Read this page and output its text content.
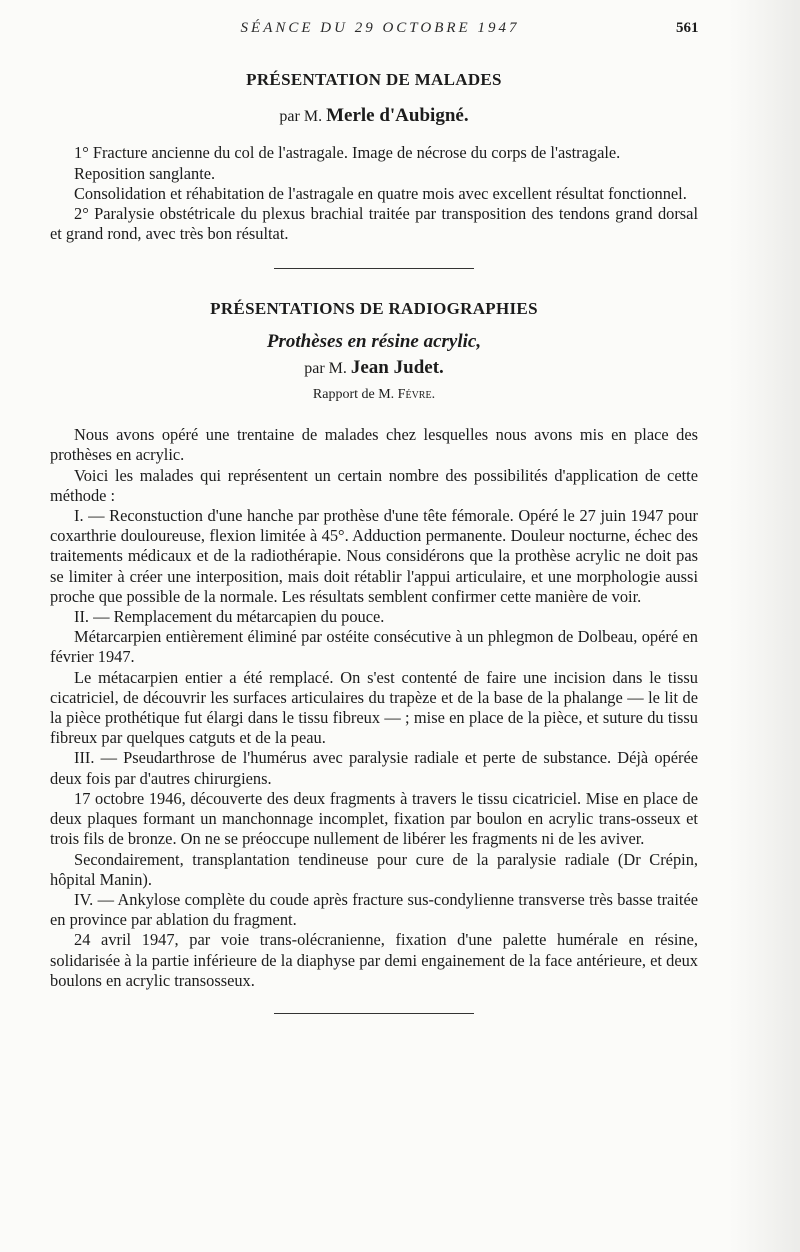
SÉANCE DU 29 OCTOBRE 1947	561
PRÉSENTATION DE MALADES
par M. Merle d'Aubigné.

1° Fracture ancienne du col de l'astragale. Image de nécrose du corps de l'astragale.

Reposition sanglante.

Consolidation et réhabitation de l'astragale en quatre mois avec excellent résultat fonctionnel.

2° Paralysie obstétricale du plexus brachial traitée par transposition des tendons grand dorsal et grand rond, avec très bon résultat.

PRÉSENTATIONS DE RADIOGRAPHIES
Prothèses en résine acrylic,
par M. Jean Judet.
Rapport de M. Févre.

Nous avons opéré une trentaine de malades chez lesquelles nous avons mis en place des prothèses en acrylic.

Voici les malades qui représentent un certain nombre des possibilités d'application de cette méthode :

I. — Reconstuction d'une hanche par prothèse d'une tête fémorale. Opéré le 27 juin 1947 pour coxarthrie douloureuse, flexion limitée à 45°. Adduction permanente. Douleur nocturne, échec des traitements médicaux et de la radiothérapie. Nous considérons que la prothèse acrylic ne doit pas se limiter à créer une interposition, mais doit rétablir l'appui articulaire, et une morphologie aussi proche que possible de la normale. Les résultats semblent confirmer cette manière de voir.

II. — Remplacement du métarcapien du pouce.

Métarcarpien entièrement éliminé par ostéite consécutive à un phlegmon de Dolbeau, opéré en février 1947.

Le métacarpien entier a été remplacé. On s'est contenté de faire une incision dans le tissu cicatriciel, de découvrir les surfaces articulaires du trapèze et de la base de la phalange — le lit de la pièce prothétique fut élargi dans le tissu fibreux — ; mise en place de la pièce, et suture du tissu fibreux par quelques catguts et de la peau.

III. — Pseudarthrose de l'humérus avec paralysie radiale et perte de substance. Déjà opérée deux fois par d'autres chirurgiens.

17 octobre 1946, découverte des deux fragments à travers le tissu cicatriciel. Mise en place de deux plaques formant un manchonnage incomplet, fixation par boulon en acrylic trans-osseux et trois fils de bronze. On ne se préoccupe nullement de libérer les fragments ni de les aviver.

Secondairement, transplantation tendineuse pour cure de la paralysie radiale (Dr Crépin, hôpital Manin).

IV. — Ankylose complète du coude après fracture sus-condylienne transverse très basse traitée en province par ablation du fragment.

24 avril 1947, par voie trans-olécranienne, fixation d'une palette humérale en résine, solidarisée à la partie inférieure de la diaphyse par demi engainement de la face antérieure, et deux boulons en acrylic transosseux.
